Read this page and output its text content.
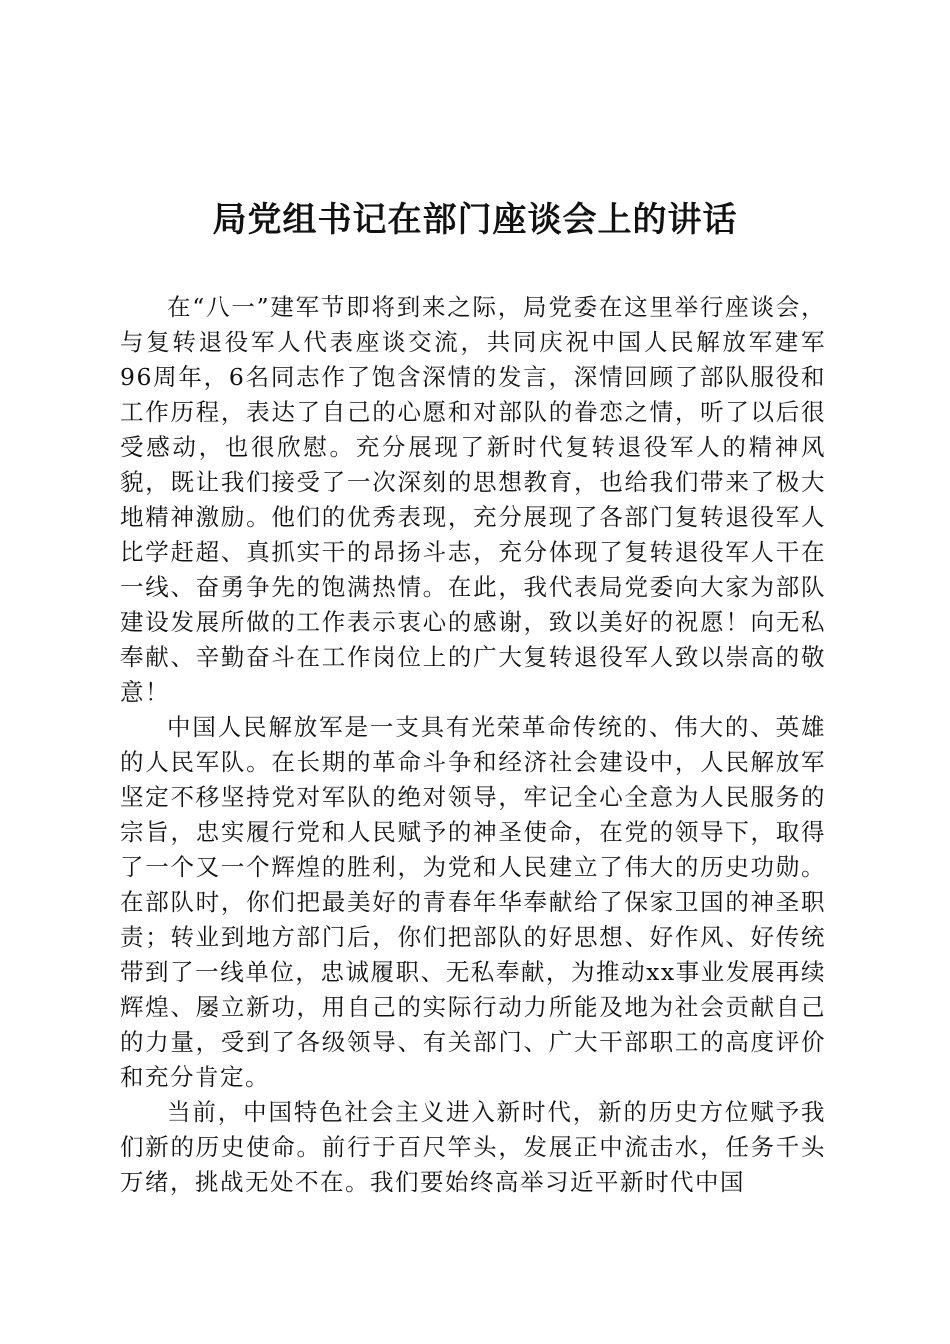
局党组书记在部门座谈会上的讲话

在“八一”建军节即将到来之际，局党委在这里举行座谈会，与复转退役军人代表座谈交流，共同庆祝中国人民解放军建军96周年，6名同志作了饱含深情的发言，深情回顾了部队服役和工作历程，表达了自己的心愿和对部队的眷恋之情，听了以后很受感动，也很欣慰。充分展现了新时代复转退役军人的精神风貌，既让我们接受了一次深刻的思想教育，也给我们带来了极大地精神激励。他们的优秀表现，充分展现了各部门复转退役军人比学赶超、真抓实干的昂扬斗志，充分体现了复转退役军人干在一线、奋勇争先的饱满热情。在此，我代表局党委向大家为部队建设发展所做的工作表示衷心的感谢，致以美好的祝愿！向无私奉献、辛勤奋斗在工作岗位上的广大复转退役军人致以崇高的敬意！

中国人民解放军是一支具有光荣革命传统的、伟大的、英雄的人民军队。在长期的革命斗争和经济社会建设中，人民解放军坚定不移坚持党对军队的绝对领导，牢记全心全意为人民服务的宗旨，忠实履行党和人民赋予的神圣使命，在党的领导下，取得了一个又一个辉煌的胜利，为党和人民建立了伟大的历史功勋。在部队时，你们把最美好的青春年华奉献给了保家卫国的神圣职责；转业到地方部门后，你们把部队的好思想、好作风、好传统带到了一线单位，忠诚履职、无私奉献，为推动xx事业发展再续辉煌、屡立新功，用自己的实际行动力所能及地为社会贡献自己的力量，受到了各级领导、有关部门、广大干部职工的高度评价和充分肯定。

当前，中国特色社会主义进入新时代，新的历史方位赋予我们新的历史使命。前行于百尺竿头，发展正中流击水，任务千头万绪，挑战无处不在。我们要始终高举习近平新时代中国
